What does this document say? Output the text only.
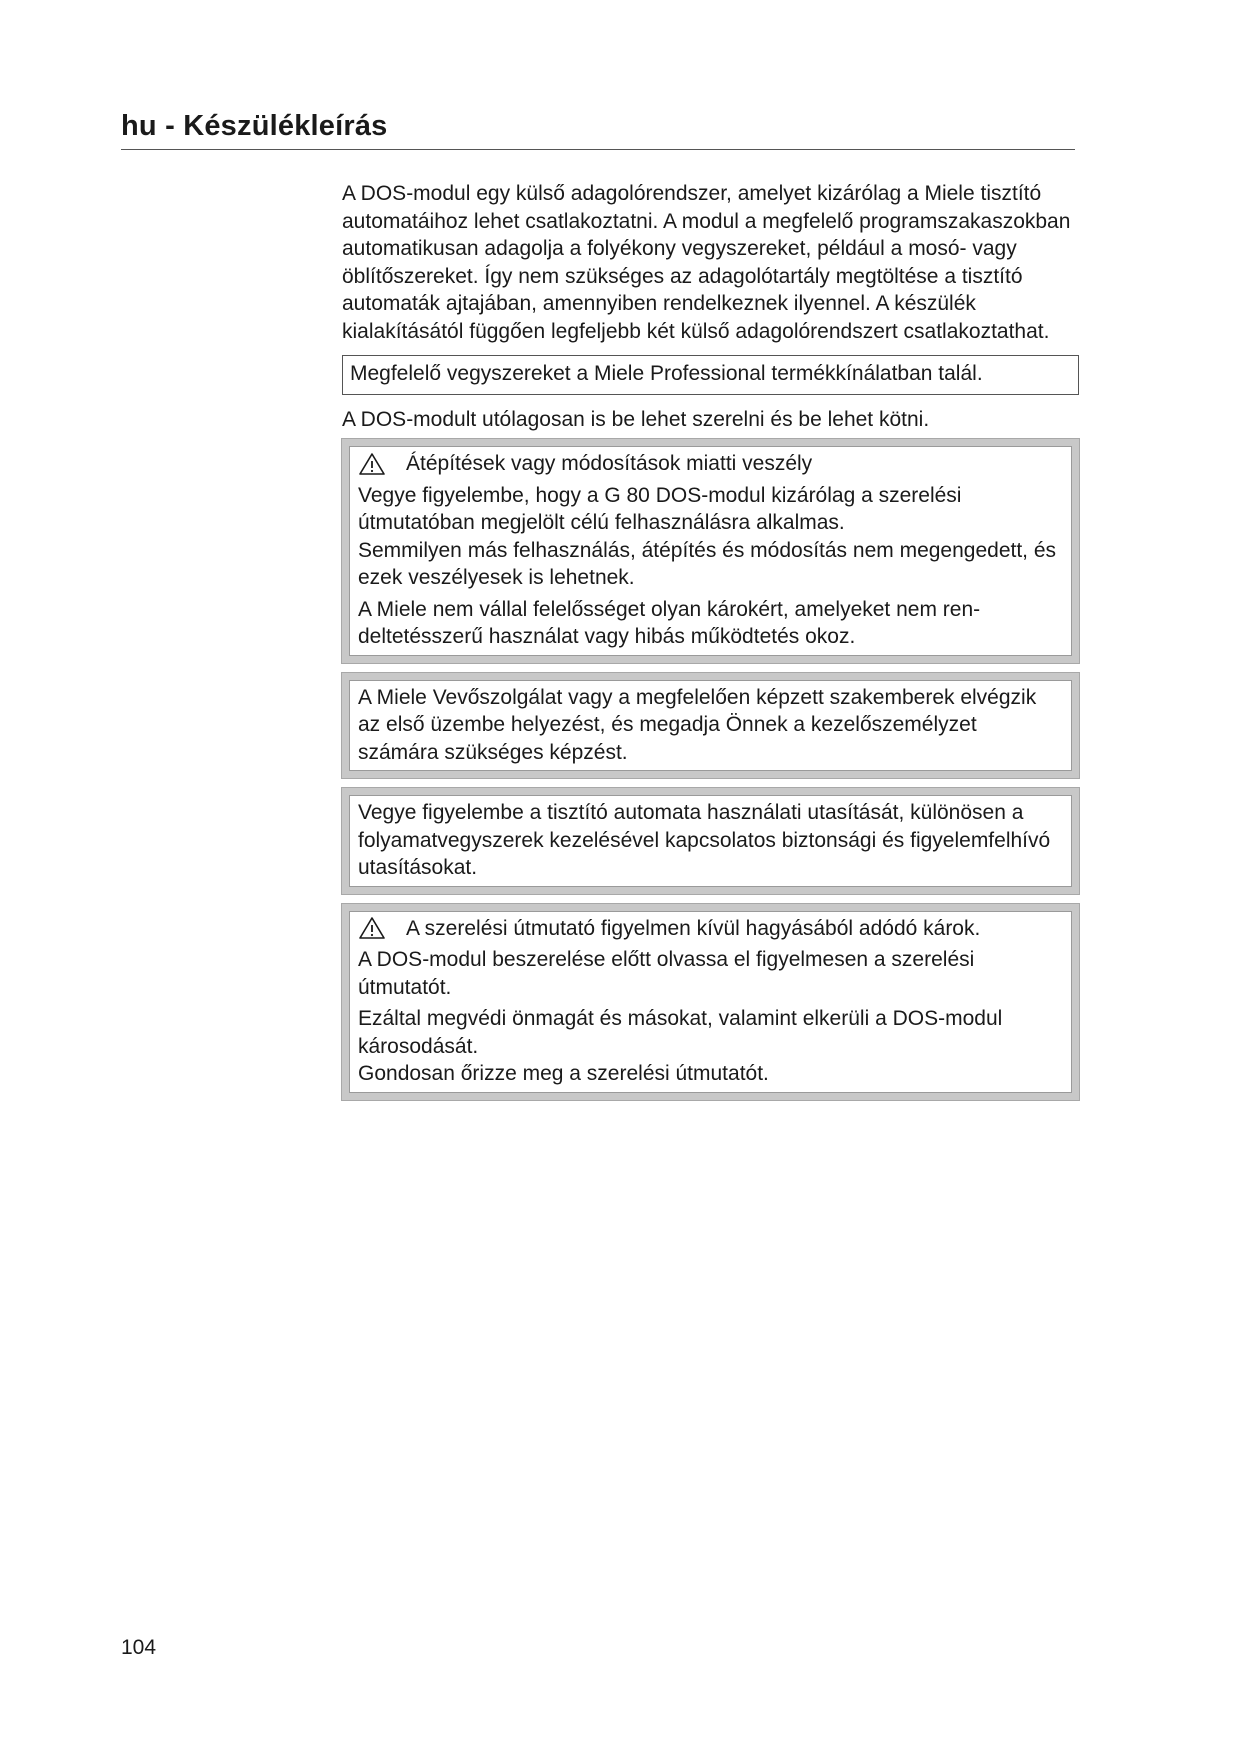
hu - Készülékleírás

A DOS-modul egy külső adagolórendszer, amelyet kizárólag a Miele tisztító automatáihoz lehet csatlakoztatni. A modul a megfelelő programszakaszokban automatikusan adagolja a folyékony vegyszereket, például a mosó- vagy öblítőszereket. Így nem szükséges az adagolótartály megtöltése a tisztító automaták ajtajában, amennyiben rendelkeznek ilyennel. A készülék kialakításától függően legfeljebb két külső adagolórendszert csatlakoztathat.

Megfelelő vegyszereket a Miele Professional termékkínálatban talál.

A DOS-modult utólagosan is be lehet szerelni és be lehet kötni.

Átépítések vagy módosítások miatti veszély

Vegye figyelembe, hogy a G 80 DOS-modul kizárólag a szerelési útmutatóban megjelölt célú felhasználásra alkalmas.
Semmilyen más felhasználás, átépítés és módosítás nem megengedett, és ezek veszélyesek is lehetnek.

A Miele nem vállal felelősséget olyan károkért, amelyeket nem rendeltetésszerű használat vagy hibás működtetés okoz.

A Miele Vevőszolgálat vagy a megfelelően képzett szakemberek elvégzik az első üzembe helyezést, és megadja Önnek a kezelőszemélyzet számára szükséges képzést.

Vegye figyelembe a tisztító automata használati utasítását, különösen a folyamatvegyszerek kezelésével kapcsolatos biztonsági és figyelemfelhívó utasításokat.

A szerelési útmutató figyelmen kívül hagyásából adódó károk.

A DOS-modul beszerelése előtt olvassa el figyelmesen a szerelési útmutatót.

Ezáltal megvédi önmagát és másokat, valamint elkerüli a DOS-modul károsodását.
Gondosan őrizze meg a szerelési útmutatót.

104
